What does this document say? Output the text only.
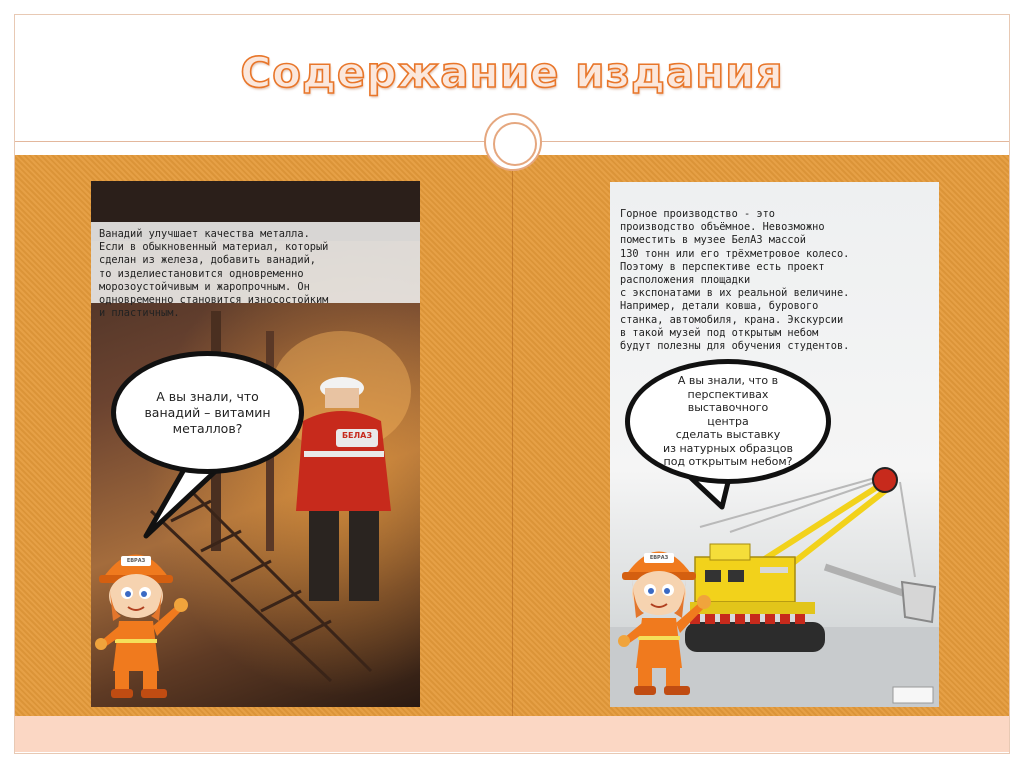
Содержание издания
БЕЛАЗ
Ванадий улучшает качества металла.
Если в обыкновенный материал, который
сделан из железа, добавить ванадий,
то изделиестановится одновременно
морозоустойчивым и жаропрочным. Он
одновременно становится износостойким
и пластичным.
А вы знали, что
ванадий – витамин
металлов?
ЕВРАЗ
Горное производство - это
производство объёмное. Невозможно
поместить в музее БелАЗ массой
130 тонн или его трёхметровое колесо.
Поэтому в перспективе есть проект
расположения площадки
с экспонатами в их реальной величине.
Например, детали ковша, бурового
станка, автомобиля, крана. Экскурсии
в такой музей под открытым небом
будут полезны для обучения студентов.
А вы знали, что в
перспективах
выставочного
центра
сделать выставку
из натурных образцов
под открытым небом?
ЕВРАЗ
